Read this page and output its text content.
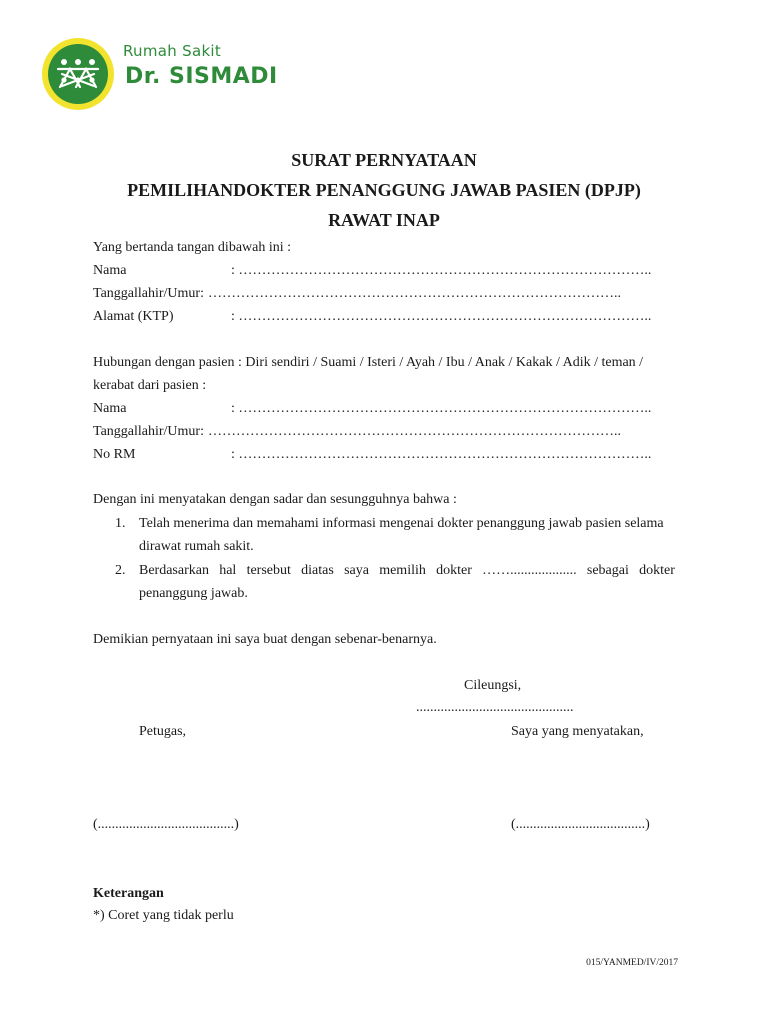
Rumah Sakit
Dr. SISMADI
SURAT PERNYATAAN
PEMILIHANDOKTER PENANGGUNG JAWAB PASIEN (DPJP)
RAWAT INAP
Yang bertanda tangan dibawah ini :
Nama	: ……………………………………………………………………………..
Tanggallahir/Umur: ……………………………………………………………………………..
Alamat (KTP)	: ……………………………………………………………………………..
Hubungan dengan pasien : Diri sendiri / Suami / Isteri / Ayah / Ibu / Anak / Kakak / Adik / teman /
kerabat dari pasien :
Nama	: ……………………………………………………………………………..
Tanggallahir/Umur: ……………………………………………………………………………..
No RM	: ……………………………………………………………………………..
Dengan ini menyatakan dengan sadar dan sesungguhnya bahwa :
1. Telah menerima dan memahami informasi mengenai dokter penanggung jawab pasien selama
dirawat rumah sakit.
2. Berdasarkan hal tersebut diatas saya memilih dokter ……................... sebagai dokter
penanggung jawab.
Demikian pernyataan ini saya buat dengan sebenar-benarnya.
Cileungsi,
.............................................
Petugas,	Saya yang menyatakan,
(.......................................)	(.....................................)
Keterangan
*) Coret yang tidak perlu
015/YANMED/IV/2017
